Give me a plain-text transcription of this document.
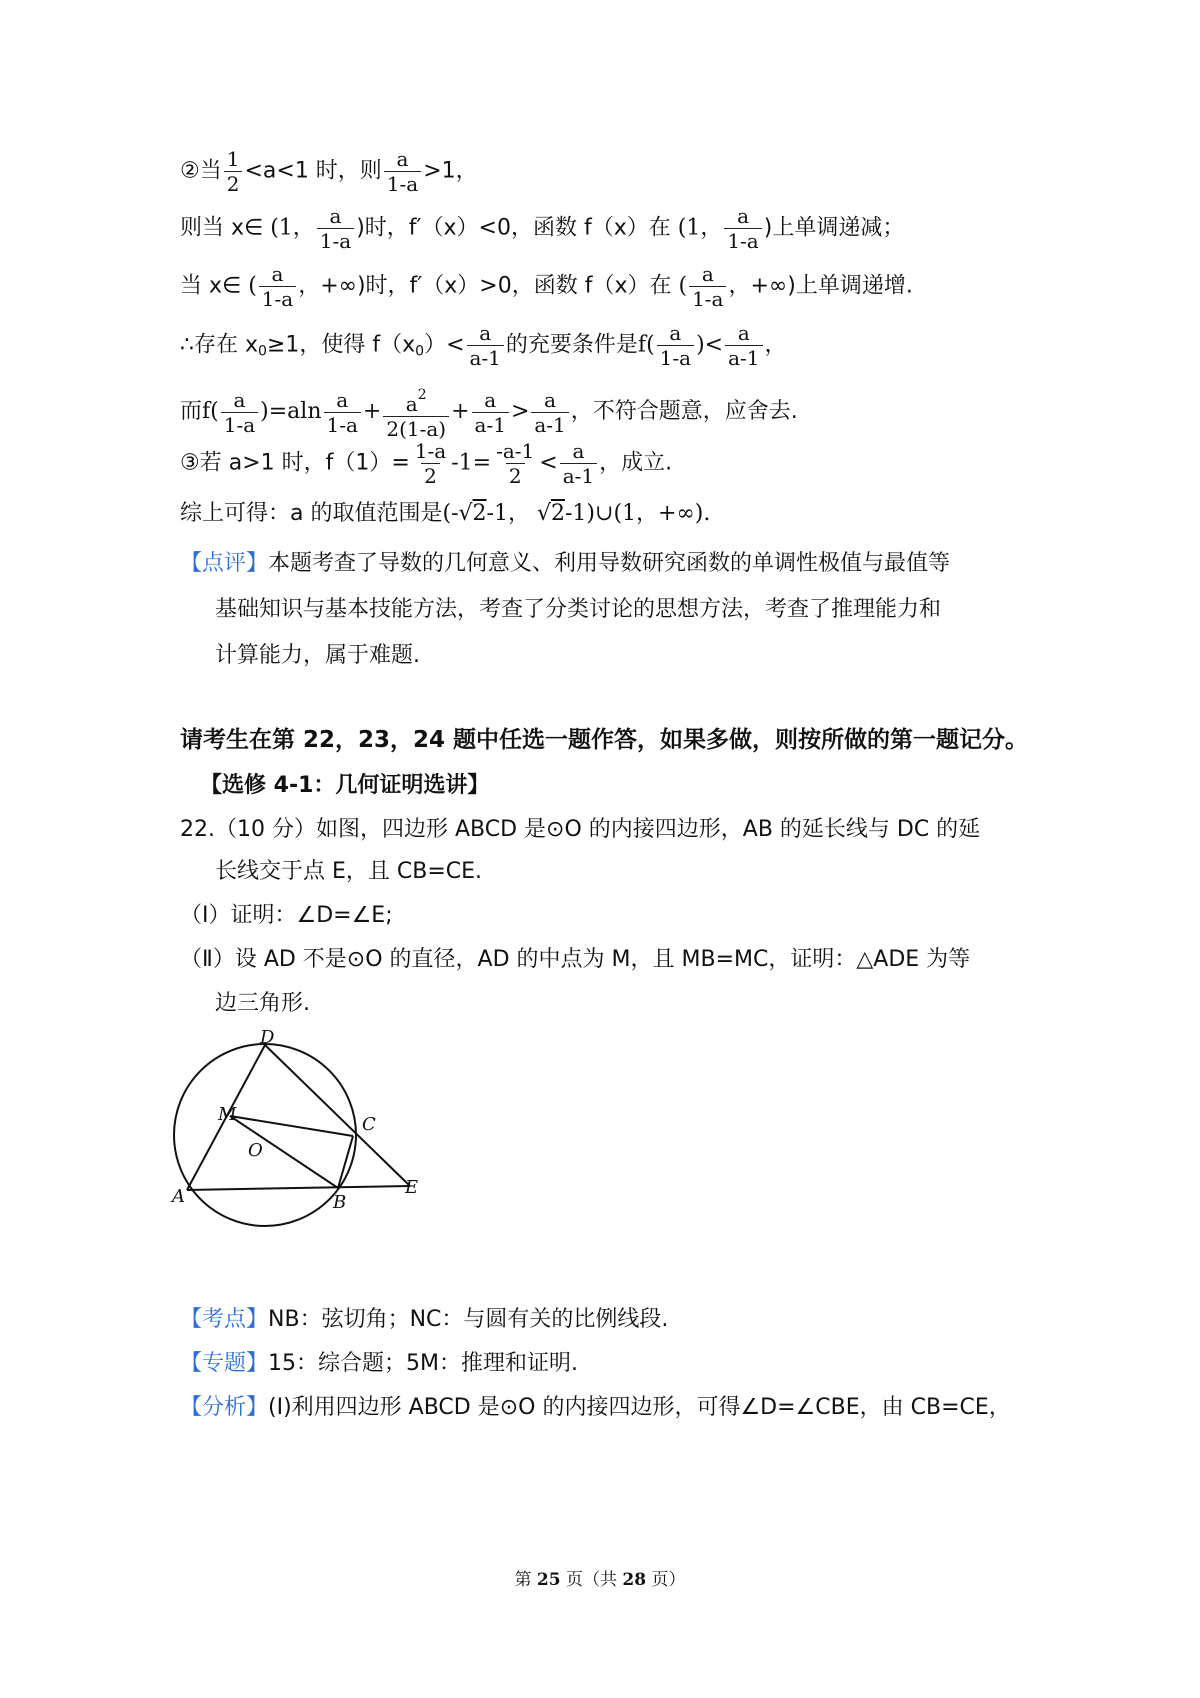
②当 $\frac{1}{2} <a<1$ 时，则 $\frac{a}{1-a} >1$，
则当 x∈ (1， $\frac{a}{1-a}$ )时，f′（x）<0，函数 f（x）在 (1， $\frac{a}{1-a}$ )上单调递减；
当 x∈ ( $\frac{a}{1-a}$ ，+∞)时，f′（x）>0，函数 f（x）在 ( $\frac{a}{1-a}$ ，+∞)上单调递增.
∴存在 $x_0\ge 1$，使得 $f(x_0)< \frac{a}{a-1}$ 的充要条件是$f( \frac{a}{1-a}$ )< $\frac{a}{a-1}$ ，
而$f( \frac{a}{1-a} )=aln \frac{a}{1-a} + \frac{a^2}{2(1-a)} + \frac{a}{a-1} > \frac{a}{a-1}$ ，不符合题意，应舍去.
③若 a>1 时，$f(1)= \frac{1-a}{2} -1= \frac{-a-1}{2} < \frac{a}{a-1}$ ，成立.
综上可得：a 的取值范围是(-√2-1， √2-1)∪(1，+∞).
【点评】本题考查了导数的几何意义、利用导数研究函数的单调性极值与最值等
基础知识与基本技能方法，考查了分类讨论的思想方法，考查了推理能力和
计算能力，属于难题.
请考生在第 22，23，24 题中任选一题作答，如果多做，则按所做的第一题记分。
【选修 4-1：几何证明选讲】
22.（10 分）如图，四边形 ABCD 是⊙O 的内接四边形，AB 的延长线与 DC 的延
长线交于点 E，且 CB=CE.
（Ⅰ）证明：∠D=∠E;
（Ⅱ）设 AD 不是⊙O 的直径，AD 的中点为 M，且 MB=MC，证明：△ADE 为等
边三角形.
D
M	C
O
A	B
E
【考点】NB：弦切角；NC：与圆有关的比例线段.
【专题】15：综合题；5M：推理和证明.
【分析】(Ⅰ)利用四边形 ABCD 是⊙O 的内接四边形，可得∠D=∠CBE，由 CB=CE，
第 25 页（共 28 页）
